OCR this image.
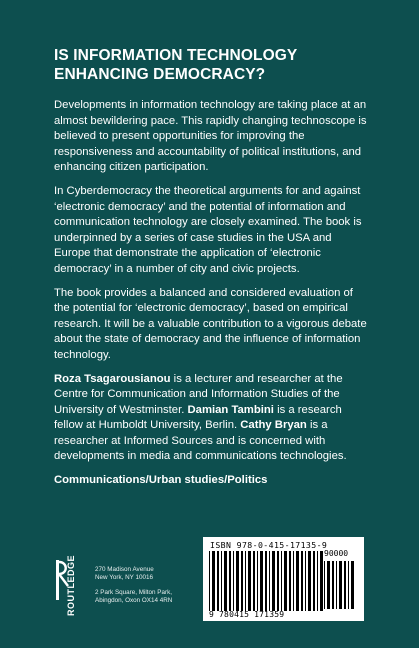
IS INFORMATION TECHNOLOGY ENHANCING DEMOCRACY?

Developments in information technology are taking place at an almost bewildering pace. This rapidly changing technoscope is believed to present opportunities for improving the responsiveness and accountability of political institutions, and enhancing citizen participation.

In Cyberdemocracy the theoretical arguments for and against ‘electronic democracy’ and the potential of information and communication technology are closely examined. The book is underpinned by a series of case studies in the USA and Europe that demonstrate the application of ‘electronic democracy’ in a number of city and civic projects.

The book provides a balanced and considered evaluation of the potential for ‘electronic democracy’, based on empirical research. It will be a valuable contribution to a vigorous debate about the state of democracy and the influence of information technology.

Roza Tsagarousianou is a lecturer and researcher at the Centre for Communication and Information Studies of the University of Westminster. Damian Tambini is a research fellow at Humboldt University, Berlin. Cathy Bryan is a researcher at Informed Sources and is concerned with developments in media and communications technologies.

Communications/Urban studies/Politics
ROUTLEDGE	270 Madison Avenue
New York, NY 10016
2 Park Square, Milton Park,
Abingdon, Oxon OX14 4RN
ISBN 978-0-415-17135-9
90000
9 780415 171359
